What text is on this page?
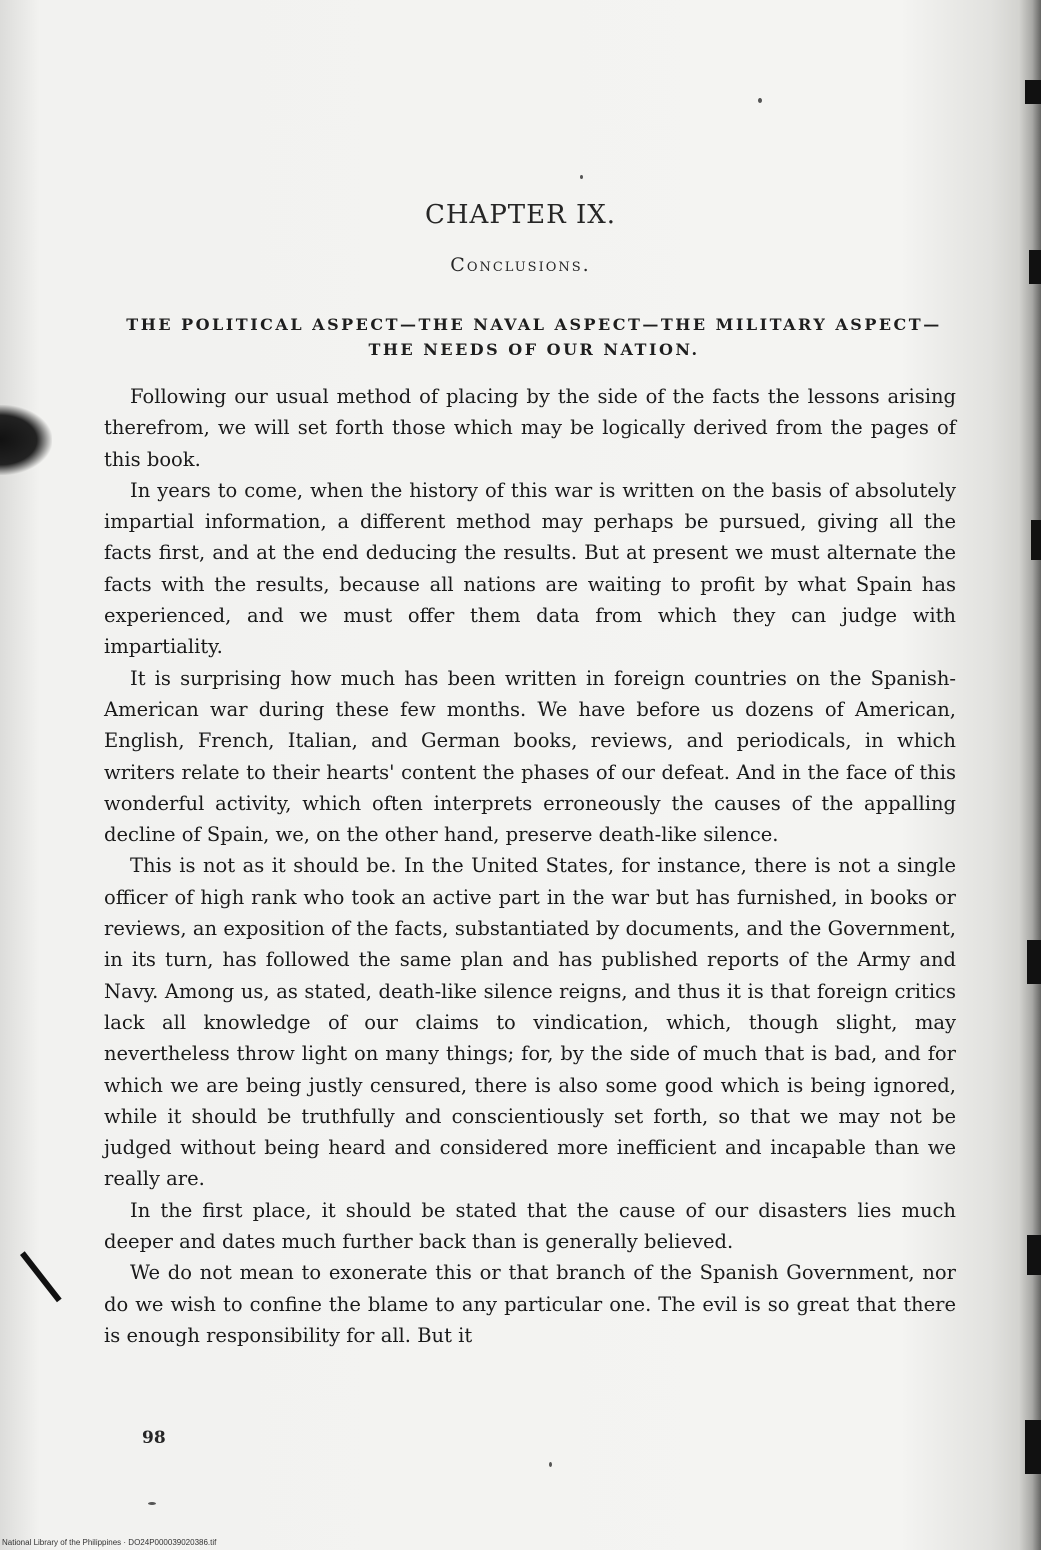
CHAPTER IX.
Conclusions.
THE POLITICAL ASPECT—THE NAVAL ASPECT—THE MILITARY ASPECT—THE NEEDS OF OUR NATION.

Following our usual method of placing by the side of the facts the lessons arising therefrom, we will set forth those which may be logically derived from the pages of this book.

In years to come, when the history of this war is written on the basis of absolutely impartial information, a different method may perhaps be pursued, giving all the facts first, and at the end deducing the results. But at present we must alternate the facts with the results, because all nations are waiting to profit by what Spain has experienced, and we must offer them data from which they can judge with impartiality.

It is surprising how much has been written in foreign countries on the Spanish-American war during these few months. We have before us dozens of American, English, French, Italian, and German books, reviews, and periodicals, in which writers relate to their hearts' content the phases of our defeat. And in the face of this wonderful activity, which often interprets erroneously the causes of the appalling decline of Spain, we, on the other hand, preserve death-like silence.

This is not as it should be. In the United States, for instance, there is not a single officer of high rank who took an active part in the war but has furnished, in books or reviews, an exposition of the facts, substantiated by documents, and the Government, in its turn, has followed the same plan and has published reports of the Army and Navy. Among us, as stated, death-like silence reigns, and thus it is that foreign critics lack all knowledge of our claims to vindication, which, though slight, may nevertheless throw light on many things; for, by the side of much that is bad, and for which we are being justly censured, there is also some good which is being ignored, while it should be truthfully and conscientiously set forth, so that we may not be judged without being heard and considered more inefficient and incapable than we really are.

In the first place, it should be stated that the cause of our disasters lies much deeper and dates much further back than is generally believed.

We do not mean to exonerate this or that branch of the Spanish Government, nor do we wish to confine the blame to any particular one. The evil is so great that there is enough responsibility for all. But it

98
National Library of the Philippines · DO24P000039020386.tif
